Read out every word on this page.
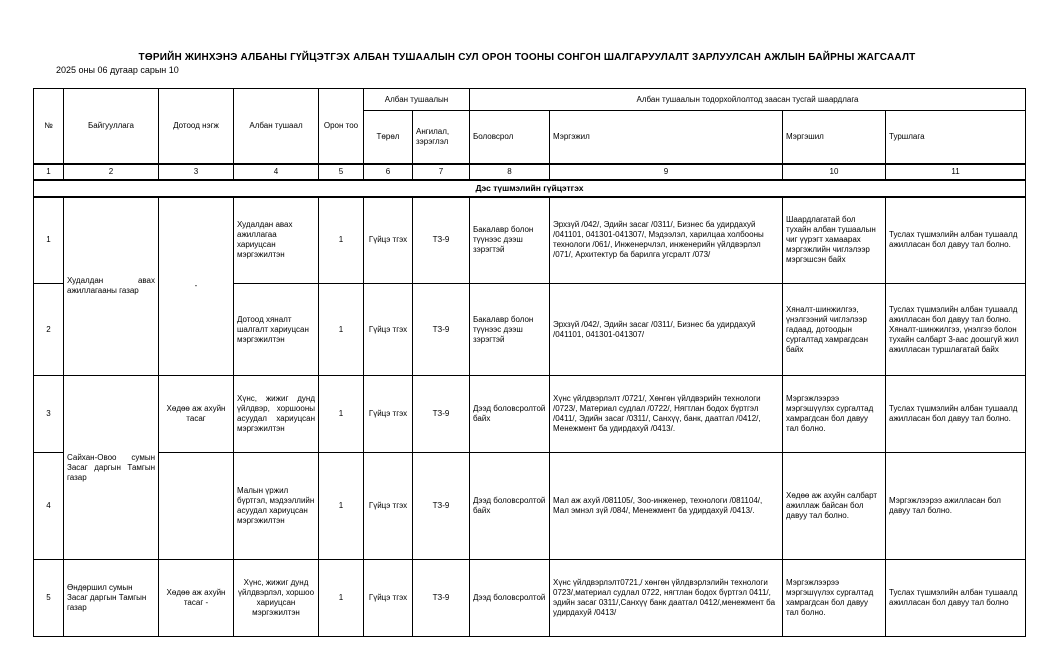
ТӨРИЙН ЖИНХЭНЭ АЛБАНЫ ГҮЙЦЭТГЭХ АЛБАН ТУШААЛЫН СУЛ ОРОН ТООНЫ СОНГОН ШАЛГАРУУЛАЛТ ЗАРЛУУЛСАН АЖЛЫН БАЙРНЫ ЖАГСААЛТ
2025 оны 06 дугаар сарын 10
№	Байгууллага	Дотоод нэгж	Албан тушаал	Орон тоо	Албан тушаалын		Албан тушаалын тодорхойлолтод заасан тусгай шаардлага			
					Төрөл	Ангилал, зэрэглэл	Боловсрол	Мэргэжил	Мэргэшил	Туршлага
1	2	3	4	5	6	7	8	9	10	11
Дэс түшмэлийн гүйцэтгэх										
1	Худалдан авах ажиллагааны газар	-	Худалдан авах ажиллагаа хариуцсан мэргэжилтэн	1	Гүйцэ тгэх	ТЗ-9	Бакалавр болон түүнээс дээш зэрэгтэй	Эрхзүй /042/, Эдийн засаг /0311/, Бизнес ба удирдахуй /041101, 041301-041307/, Мэдээлэл, харилцаа холбооны технологи /061/, Инженерчлэл, инженерийн үйлдвэрлэл /071/, Архитектур ба барилга угсралт /073/	Шаардлагатай бол тухайн албан тушаалын чиг үүрэгт хамаарах мэргэжлийн чиглэлээр мэргэшсэн байх	Туслах түшмэлийн албан тушаалд ажилласан бол давуу тал болно.
2			Дотоод хяналт шалгалт хариуцсан мэргэжилтэн	1	Гүйцэ тгэх	ТЗ-9	Бакалавр болон түүнээс дээш зэрэгтэй	Эрхзүй /042/, Эдийн засаг /0311/, Бизнес ба удирдахуй /041101, 041301-041307/	Хяналт-шинжилгээ, үнэлгээний чиглэлээр гадаад, дотоодын сургалтад хамрагдсан байх	Туслах түшмэлийн албан тушаалд ажилласан бол давуу тал болно. Хяналт-шинжилгээ, үнэлгээ болон тухайн салбарт 3-аас доошгүй жил ажилласан туршлагатай байх
3	Сайхан-Овоо сумын Засаг даргын Тамгын газар	Хөдөө аж ахуйн тасаг	Хүнс, жижиг дунд үйлдвэр, хоршооны асуудал хариуцсан мэргэжилтэн	1	Гүйцэ тгэх	ТЗ-9	Дээд боловсролтой байх	Хүнс үйлдвэрлэлт /0721/, Хөнгөн үйлдвэрийн технологи /0723/, Материал судлал /0722/, Нягтлан бодох бүртгэл /0411/, Эдийн засаг /0311/, Санхүү, банк, даатгал /0412/, Менежмент ба удирдахуй /0413/.	Мэргэжлээрээ мэргэшүүлэх сургалтад хамрагдсан бол давуу тал болно.	Туслах түшмэлийн албан тушаалд ажилласан бол давуу тал болно.
4			Малын үржил бүртгэл, мэдээллийн асуудал хариуцсан мэргэжилтэн	1	Гүйцэ тгэх	ТЗ-9	Дээд боловсролтой байх	Мал аж ахуй /081105/, Зоо-инженер, технологи /081104/, Мал эмнэл зүй /084/, Менежмент ба удирдахуй /0413/.	Хөдөө аж ахуйн салбарт ажиллаж байсан бол давуу тал болно.	Мэргэжлээрээ ажилласан бол давуу тал болно.
5	Өндөршил сумын Засаг даргын Тамгын газар	Хөдөө аж ахуйн тасаг -	Хүнс, жижиг дунд үйлдвэрлэл, хоршоо хариуцсан мэргэжилтэн	1	Гүйцэ тгэх	ТЗ-9	Дээд боловсролтой	Хүнс үйлдвэрлэлт0721,/ хөнгөн үйлдвэрлэлийн технологи 0723/,материал судлал 0722, нягтлан бодох бүртгэл 0411/, эдийн засаг 0311/,Санхүү банк даатгал 0412/,менежмент ба удирдахуй /0413/	Мэргэжлээрээ мэргэшүүлэх сургалтад хамрагдсан бол давуу тал болно.	Туслах түшмэлийн албан тушаалд ажилласан бол давуу тал болно
